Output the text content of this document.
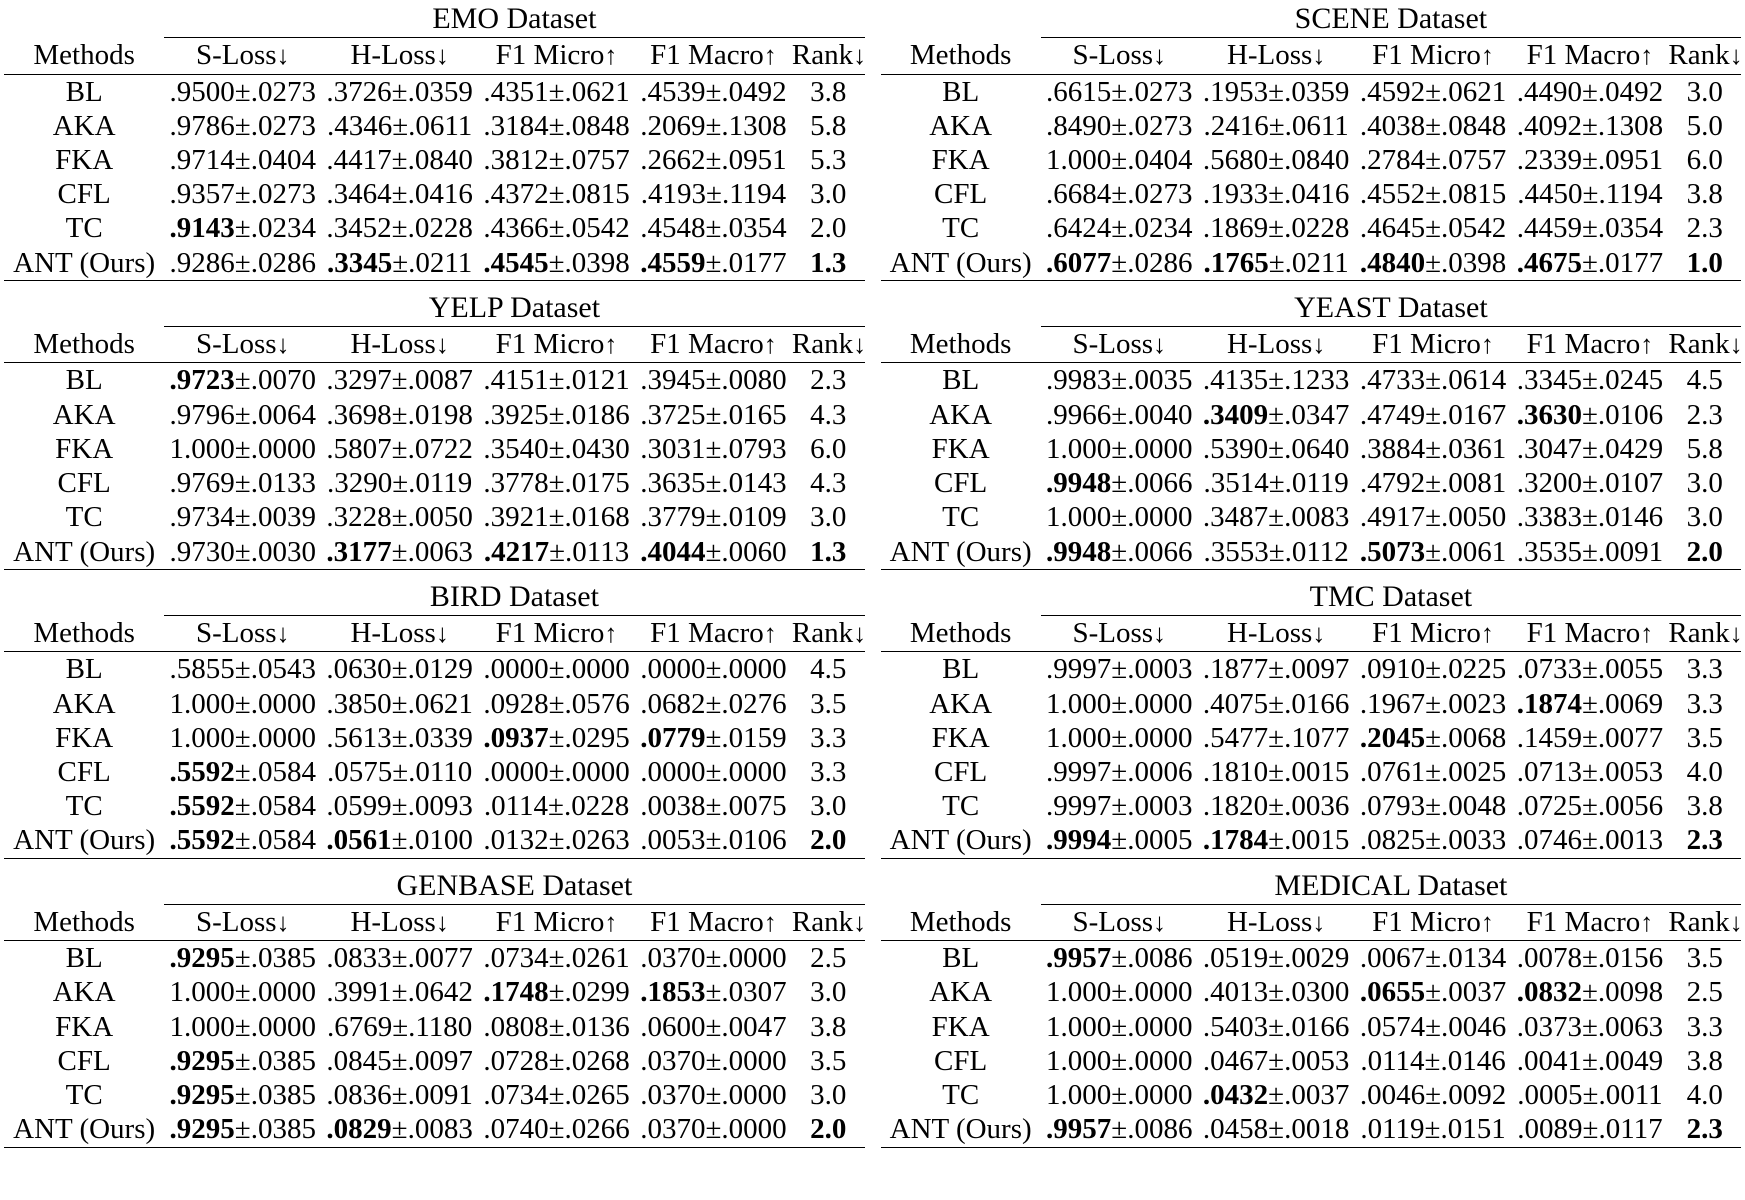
	EMO Dataset				
Methods	S-Loss↓	H-Loss↓	F1 Micro↑	F1 Macro↑	Rank↓
BL	.9500±.0273	.3726±.0359	.4351±.0621	.4539±.0492	3.8
AKA	.9786±.0273	.4346±.0611	.3184±.0848	.2069±.1308	5.8
FKA	.9714±.0404	.4417±.0840	.3812±.0757	.2662±.0951	5.3
CFL	.9357±.0273	.3464±.0416	.4372±.0815	.4193±.1194	3.0
TC	.9143±.0234	.3452±.0228	.4366±.0542	.4548±.0354	2.0
ANT (Ours)	.9286±.0286	.3345±.0211	.4545±.0398	.4559±.0177	1.3

	SCENE Dataset				
Methods	S-Loss↓	H-Loss↓	F1 Micro↑	F1 Macro↑	Rank↓
BL	.6615±.0273	.1953±.0359	.4592±.0621	.4490±.0492	3.0
AKA	.8490±.0273	.2416±.0611	.4038±.0848	.4092±.1308	5.0
FKA	1.000±.0404	.5680±.0840	.2784±.0757	.2339±.0951	6.0
CFL	.6684±.0273	.1933±.0416	.4552±.0815	.4450±.1194	3.8
TC	.6424±.0234	.1869±.0228	.4645±.0542	.4459±.0354	2.3
ANT (Ours)	.6077±.0286	.1765±.0211	.4840±.0398	.4675±.0177	1.0

	YELP Dataset				
Methods	S-Loss↓	H-Loss↓	F1 Micro↑	F1 Macro↑	Rank↓
BL	.9723±.0070	.3297±.0087	.4151±.0121	.3945±.0080	2.3
AKA	.9796±.0064	.3698±.0198	.3925±.0186	.3725±.0165	4.3
FKA	1.000±.0000	.5807±.0722	.3540±.0430	.3031±.0793	6.0
CFL	.9769±.0133	.3290±.0119	.3778±.0175	.3635±.0143	4.3
TC	.9734±.0039	.3228±.0050	.3921±.0168	.3779±.0109	3.0
ANT (Ours)	.9730±.0030	.3177±.0063	.4217±.0113	.4044±.0060	1.3

	YEAST Dataset				
Methods	S-Loss↓	H-Loss↓	F1 Micro↑	F1 Macro↑	Rank↓
BL	.9983±.0035	.4135±.1233	.4733±.0614	.3345±.0245	4.5
AKA	.9966±.0040	.3409±.0347	.4749±.0167	.3630±.0106	2.3
FKA	1.000±.0000	.5390±.0640	.3884±.0361	.3047±.0429	5.8
CFL	.9948±.0066	.3514±.0119	.4792±.0081	.3200±.0107	3.0
TC	1.000±.0000	.3487±.0083	.4917±.0050	.3383±.0146	3.0
ANT (Ours)	.9948±.0066	.3553±.0112	.5073±.0061	.3535±.0091	2.0

	BIRD Dataset				
Methods	S-Loss↓	H-Loss↓	F1 Micro↑	F1 Macro↑	Rank↓
BL	.5855±.0543	.0630±.0129	.0000±.0000	.0000±.0000	4.5
AKA	1.000±.0000	.3850±.0621	.0928±.0576	.0682±.0276	3.5
FKA	1.000±.0000	.5613±.0339	.0937±.0295	.0779±.0159	3.3
CFL	.5592±.0584	.0575±.0110	.0000±.0000	.0000±.0000	3.3
TC	.5592±.0584	.0599±.0093	.0114±.0228	.0038±.0075	3.0
ANT (Ours)	.5592±.0584	.0561±.0100	.0132±.0263	.0053±.0106	2.0

	TMC Dataset				
Methods	S-Loss↓	H-Loss↓	F1 Micro↑	F1 Macro↑	Rank↓
BL	.9997±.0003	.1877±.0097	.0910±.0225	.0733±.0055	3.3
AKA	1.000±.0000	.4075±.0166	.1967±.0023	.1874±.0069	3.3
FKA	1.000±.0000	.5477±.1077	.2045±.0068	.1459±.0077	3.5
CFL	.9997±.0006	.1810±.0015	.0761±.0025	.0713±.0053	4.0
TC	.9997±.0003	.1820±.0036	.0793±.0048	.0725±.0056	3.8
ANT (Ours)	.9994±.0005	.1784±.0015	.0825±.0033	.0746±.0013	2.3

	GENBASE Dataset				
Methods	S-Loss↓	H-Loss↓	F1 Micro↑	F1 Macro↑	Rank↓
BL	.9295±.0385	.0833±.0077	.0734±.0261	.0370±.0000	2.5
AKA	1.000±.0000	.3991±.0642	.1748±.0299	.1853±.0307	3.0
FKA	1.000±.0000	.6769±.1180	.0808±.0136	.0600±.0047	3.8
CFL	.9295±.0385	.0845±.0097	.0728±.0268	.0370±.0000	3.5
TC	.9295±.0385	.0836±.0091	.0734±.0265	.0370±.0000	3.0
ANT (Ours)	.9295±.0385	.0829±.0083	.0740±.0266	.0370±.0000	2.0

	MEDICAL Dataset				
Methods	S-Loss↓	H-Loss↓	F1 Micro↑	F1 Macro↑	Rank↓
BL	.9957±.0086	.0519±.0029	.0067±.0134	.0078±.0156	3.5
AKA	1.000±.0000	.4013±.0300	.0655±.0037	.0832±.0098	2.5
FKA	1.000±.0000	.5403±.0166	.0574±.0046	.0373±.0063	3.3
CFL	1.000±.0000	.0467±.0053	.0114±.0146	.0041±.0049	3.8
TC	1.000±.0000	.0432±.0037	.0046±.0092	.0005±.0011	4.0
ANT (Ours)	.9957±.0086	.0458±.0018	.0119±.0151	.0089±.0117	2.3
